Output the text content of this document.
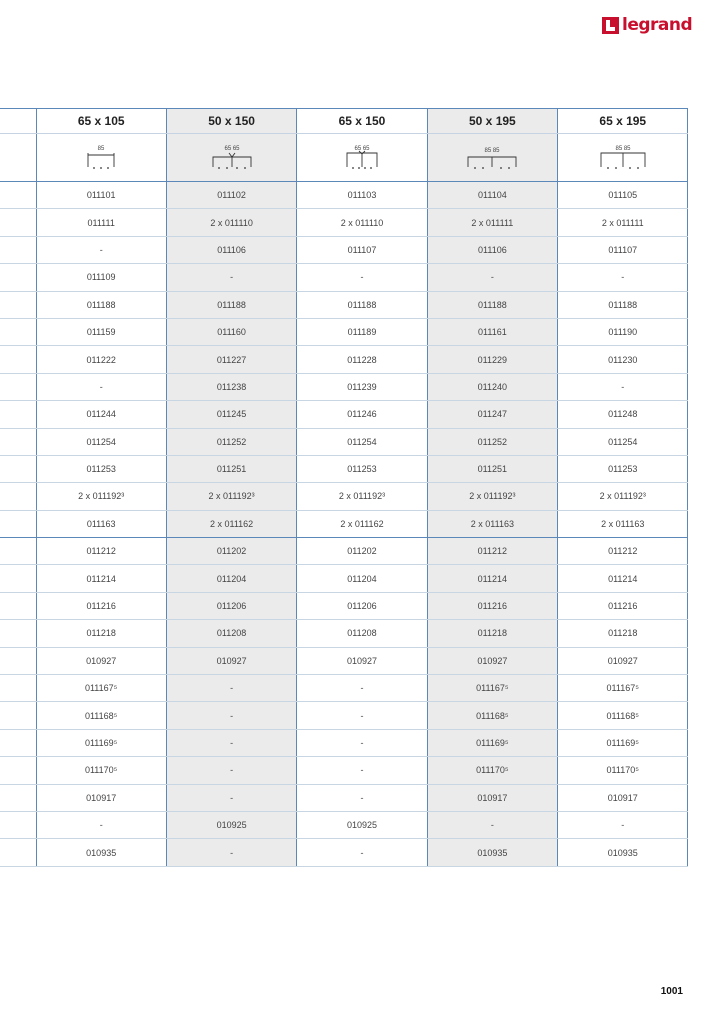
legrand
	65 x 105	50 x 150	65 x 150	50 x 195	65 x 195

85	65 65	65 65	85 85	85 85

	011101	011102	011103	011104	011105
	011111	2 x 011110	2 x 011110	2 x 011111	2 x 011111
	-	011106	011107	011106	011107
	011109	-	-	-	-
	011188	011188	011188	011188	011188
	011159	011160	011189	011161	011190
	011222	011227	011228	011229	011230
	-	011238	011239	011240	-
	011244	011245	011246	011247	011248
	011254	011252	011254	011252	011254
	011253	011251	011253	011251	011253
	2 x 011192³	2 x 011192³	2 x 011192³	2 x 011192³	2 x 011192³
	011163	2 x 011162	2 x 011162	2 x 011163	2 x 011163
	011212	011202	011202	011212	011212
	011214	011204	011204	011214	011214
	011216	011206	011206	011216	011216
	011218	011208	011208	011218	011218
	010927	010927	010927	010927	010927
	011167⁵	-	-	011167⁵	011167⁵
	011168⁵	-	-	011168⁵	011168⁵
	011169⁵	-	-	011169⁵	011169⁵
	011170⁵	-	-	011170⁵	011170⁵
	010917	-	-	010917	010917
	-	010925	010925	-	-
	010935	-	-	010935	010935
1001
